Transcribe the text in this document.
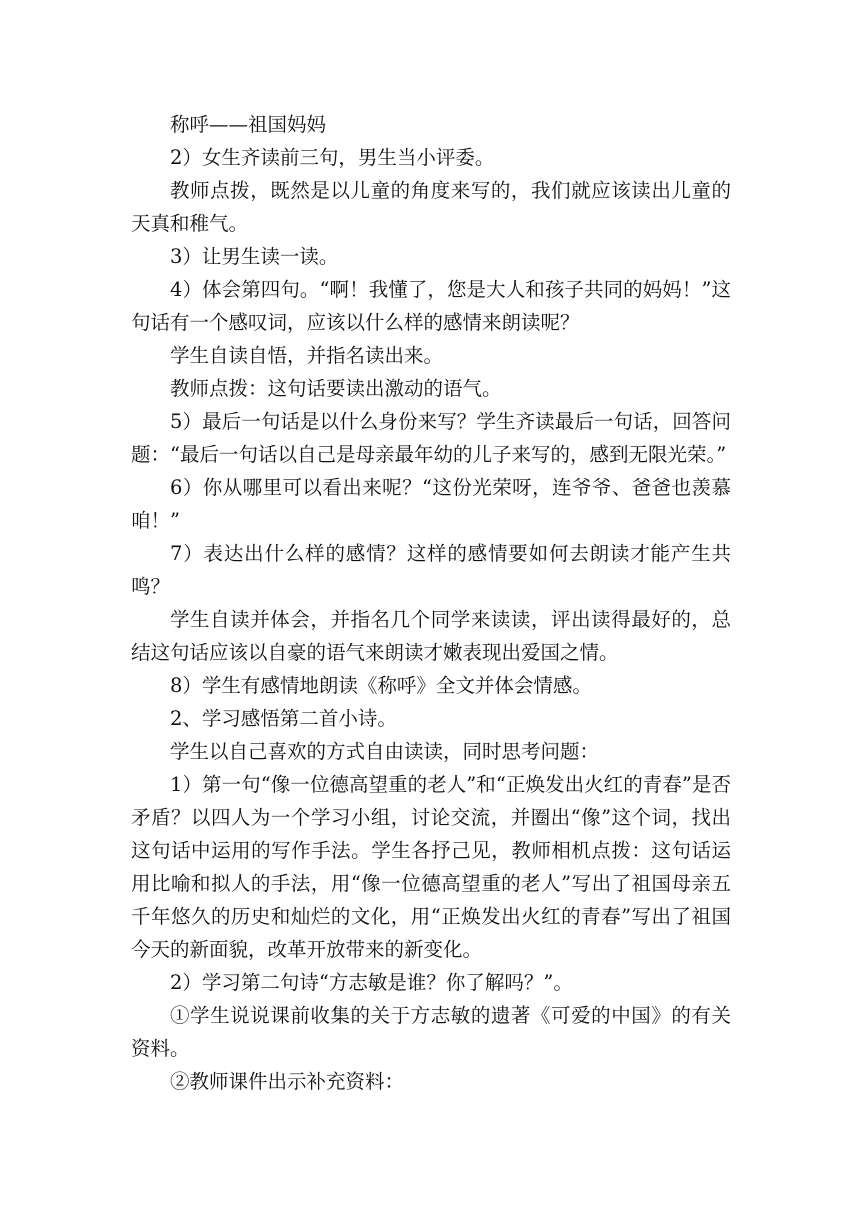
称呼——祖国妈妈

2）女生齐读前三句，男生当小评委。

教师点拨，既然是以儿童的角度来写的，我们就应该读出儿童的天真和稚气。

3）让男生读一读。

4）体会第四句。“啊！我懂了，您是大人和孩子共同的妈妈！”这句话有一个感叹词，应该以什么样的感情来朗读呢？

学生自读自悟，并指名读出来。

教师点拨：这句话要读出激动的语气。

5）最后一句话是以什么身份来写？学生齐读最后一句话，回答问题：“最后一句话以自己是母亲最年幼的儿子来写的，感到无限光荣。”

6）你从哪里可以看出来呢？“这份光荣呀，连爷爷、爸爸也羡慕咱！”

7）表达出什么样的感情？这样的感情要如何去朗读才能产生共鸣？

学生自读并体会，并指名几个同学来读读，评出读得最好的，总结这句话应该以自豪的语气来朗读才嫩表现出爱国之情。

8）学生有感情地朗读《称呼》全文并体会情感。

2、学习感悟第二首小诗。

学生以自己喜欢的方式自由读读，同时思考问题：

1）第一句“像一位德高望重的老人”和“正焕发出火红的青春”是否矛盾？以四人为一个学习小组，讨论交流，并圈出“像”这个词，找出这句话中运用的写作手法。学生各抒己见，教师相机点拨：这句话运用比喻和拟人的手法，用“像一位德高望重的老人”写出了祖国母亲五千年悠久的历史和灿烂的文化，用“正焕发出火红的青春”写出了祖国今天的新面貌，改革开放带来的新变化。

2）学习第二句诗“方志敏是谁？你了解吗？”。

①学生说说课前收集的关于方志敏的遗著《可爱的中国》的有关资料。

②教师课件出示补充资料：
